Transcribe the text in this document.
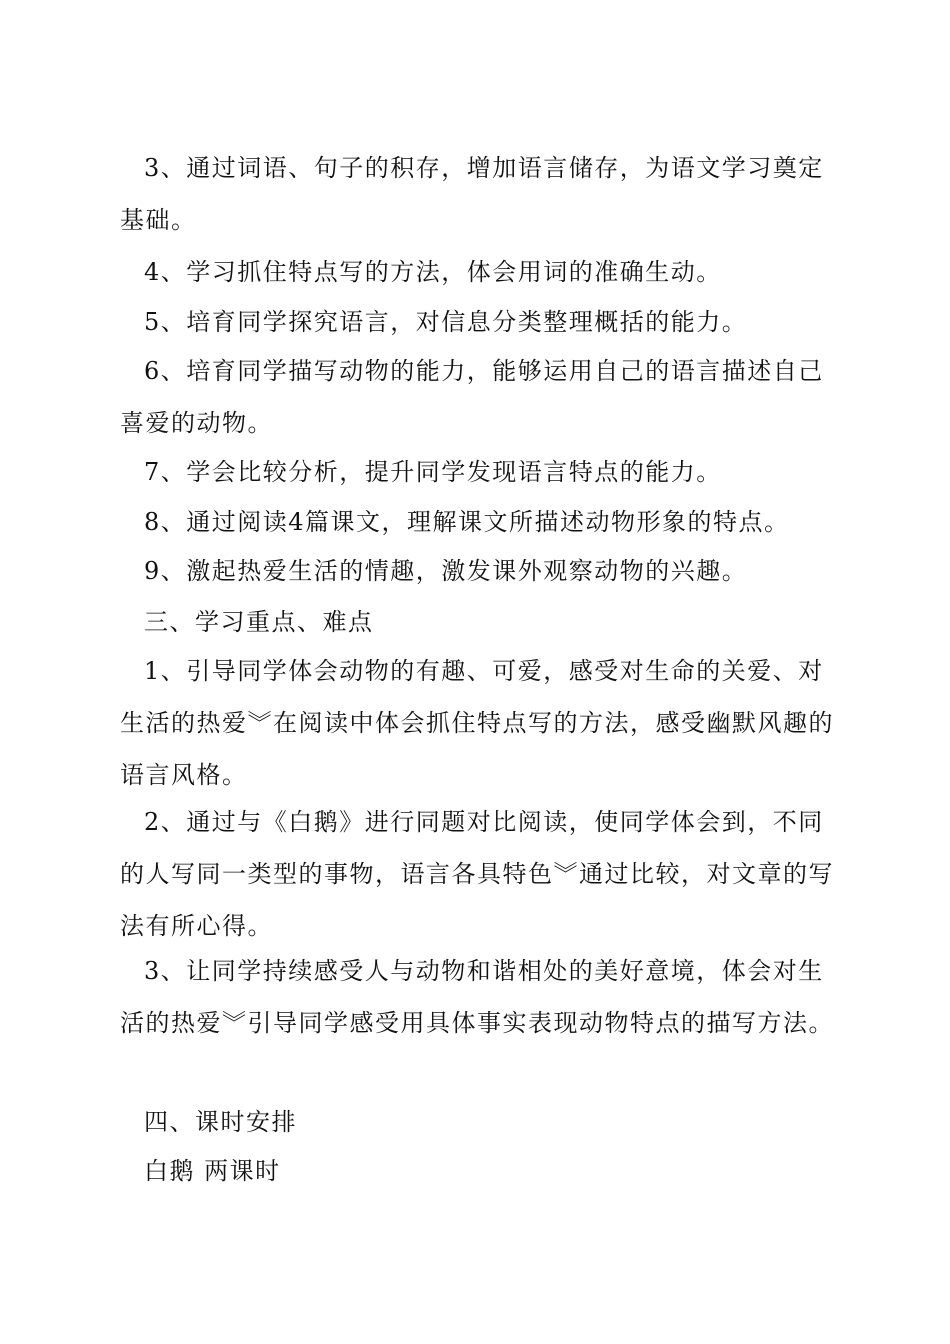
3、通过词语、句子的积存，增加语言储存，为语文学习奠定基础。

4、学习抓住特点写的方法，体会用词的准确生动。

5、培育同学探究语言，对信息分类整理概括的能力。

6、培育同学描写动物的能力，能够运用自己的语言描述自己喜爱的动物。

7、学会比较分析，提升同学发现语言特点的能力。

8、通过阅读4篇课文，理解课文所描述动物形象的特点。

9、激起热爱生活的情趣，激发课外观察动物的兴趣。

三、学习重点、难点

1、引导同学体会动物的有趣、可爱，感受对生命的关爱、对生活的热爱︾在阅读中体会抓住特点写的方法，感受幽默风趣的语言风格。

2、通过与《白鹅》进行同题对比阅读，使同学体会到，不同的人写同一类型的事物，语言各具特色︾通过比较，对文章的写法有所心得。

3、让同学持续感受人与动物和谐相处的美好意境，体会对生活的热爱︾引导同学感受用具体事实表现动物特点的描写方法。

四、课时安排

白鹅 两课时
